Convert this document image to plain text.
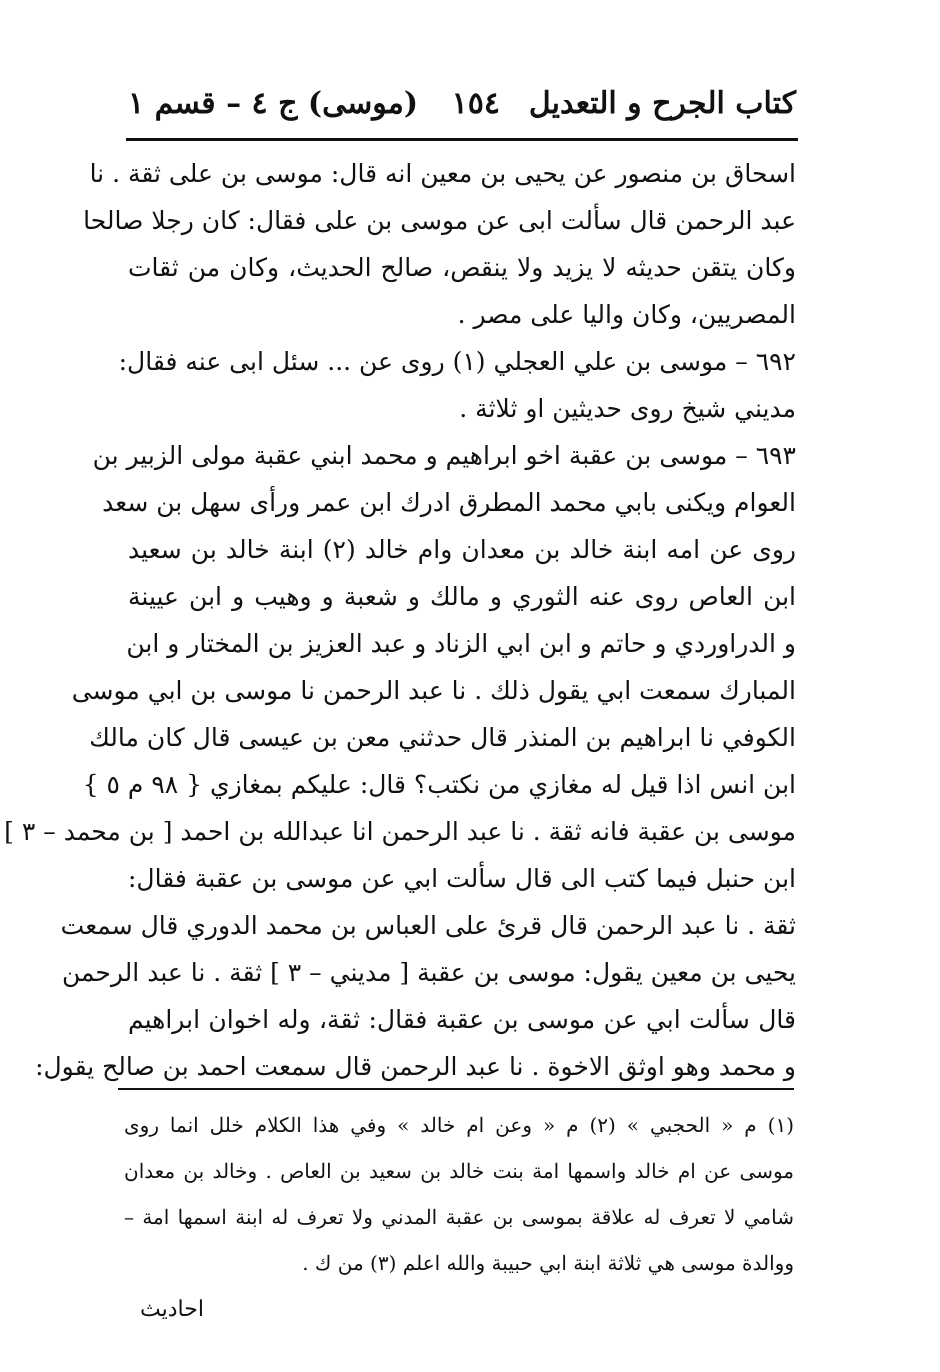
كتاب الجرح و التعديل
١٥٤
(موسى) ج ٤ – قسم ١
اسحاق بن منصور عن يحيى بن معين انه قال: موسى بن على ثقة . نا
عبد الرحمن قال سألت ابى عن موسى بن على فقال: كان رجلا صالحا
وكان يتقن حديثه لا يزيد ولا ينقص، صالح الحديث، وكان من ثقات
المصريين، وكان واليا على مصر .
٦٩٢ – موسى بن علي العجلي (١) روى عن ... سئل ابى عنه فقال:
مديني شيخ روى حديثين او ثلاثة .
٦٩٣ – موسى بن عقبة اخو ابراهيم و محمد ابني عقبة مولى الزبير بن
العوام ويكنى بابي محمد المطرق ادرك ابن عمر ورأى سهل بن سعد
روى عن امه ابنة خالد بن معدان وام خالد (٢) ابنة خالد بن سعيد
ابن العاص روى عنه الثوري و مالك و شعبة و وهيب و ابن عيينة
و الدراوردي و حاتم و ابن ابي الزناد و عبد العزيز بن المختار و ابن
المبارك سمعت ابي يقول ذلك . نا عبد الرحمن نا موسى بن ابي موسى
الكوفي نا ابراهيم بن المنذر قال حدثني معن بن عيسى قال كان مالك
ابن انس اذا قيل له مغازي من نكتب؟ قال: عليكم بمغازي { ٩٨ م ٥ }
موسى بن عقبة فانه ثقة . نا عبد الرحمن انا عبدالله بن احمد [ بن محمد – ٣ ]
ابن حنبل فيما كتب الى قال سألت ابي عن موسى بن عقبة فقال:
ثقة . نا عبد الرحمن قال قرئ على العباس بن محمد الدوري قال سمعت
يحيى بن معين يقول: موسى بن عقبة [ مديني – ٣ ] ثقة . نا عبد الرحمن
قال سألت ابي عن موسى بن عقبة فقال: ثقة، وله اخوان ابراهيم
و محمد وهو اوثق الاخوة . نا عبد الرحمن قال سمعت احمد بن صالح يقول:
(١) م « الحجبي » (٢) م « وعن ام خالد » وفي هذا الكلام خلل انما روى
موسى عن ام خالد واسمها امة بنت خالد بن سعيد بن العاص . وخالد بن معدان
شامي لا تعرف له علاقة بموسى بن عقبة المدني ولا تعرف له ابنة اسمها امة –
ووالدة موسى هي ثلاثة ابنة ابي حبيبة والله اعلم (٣) من ك .
احاديث
